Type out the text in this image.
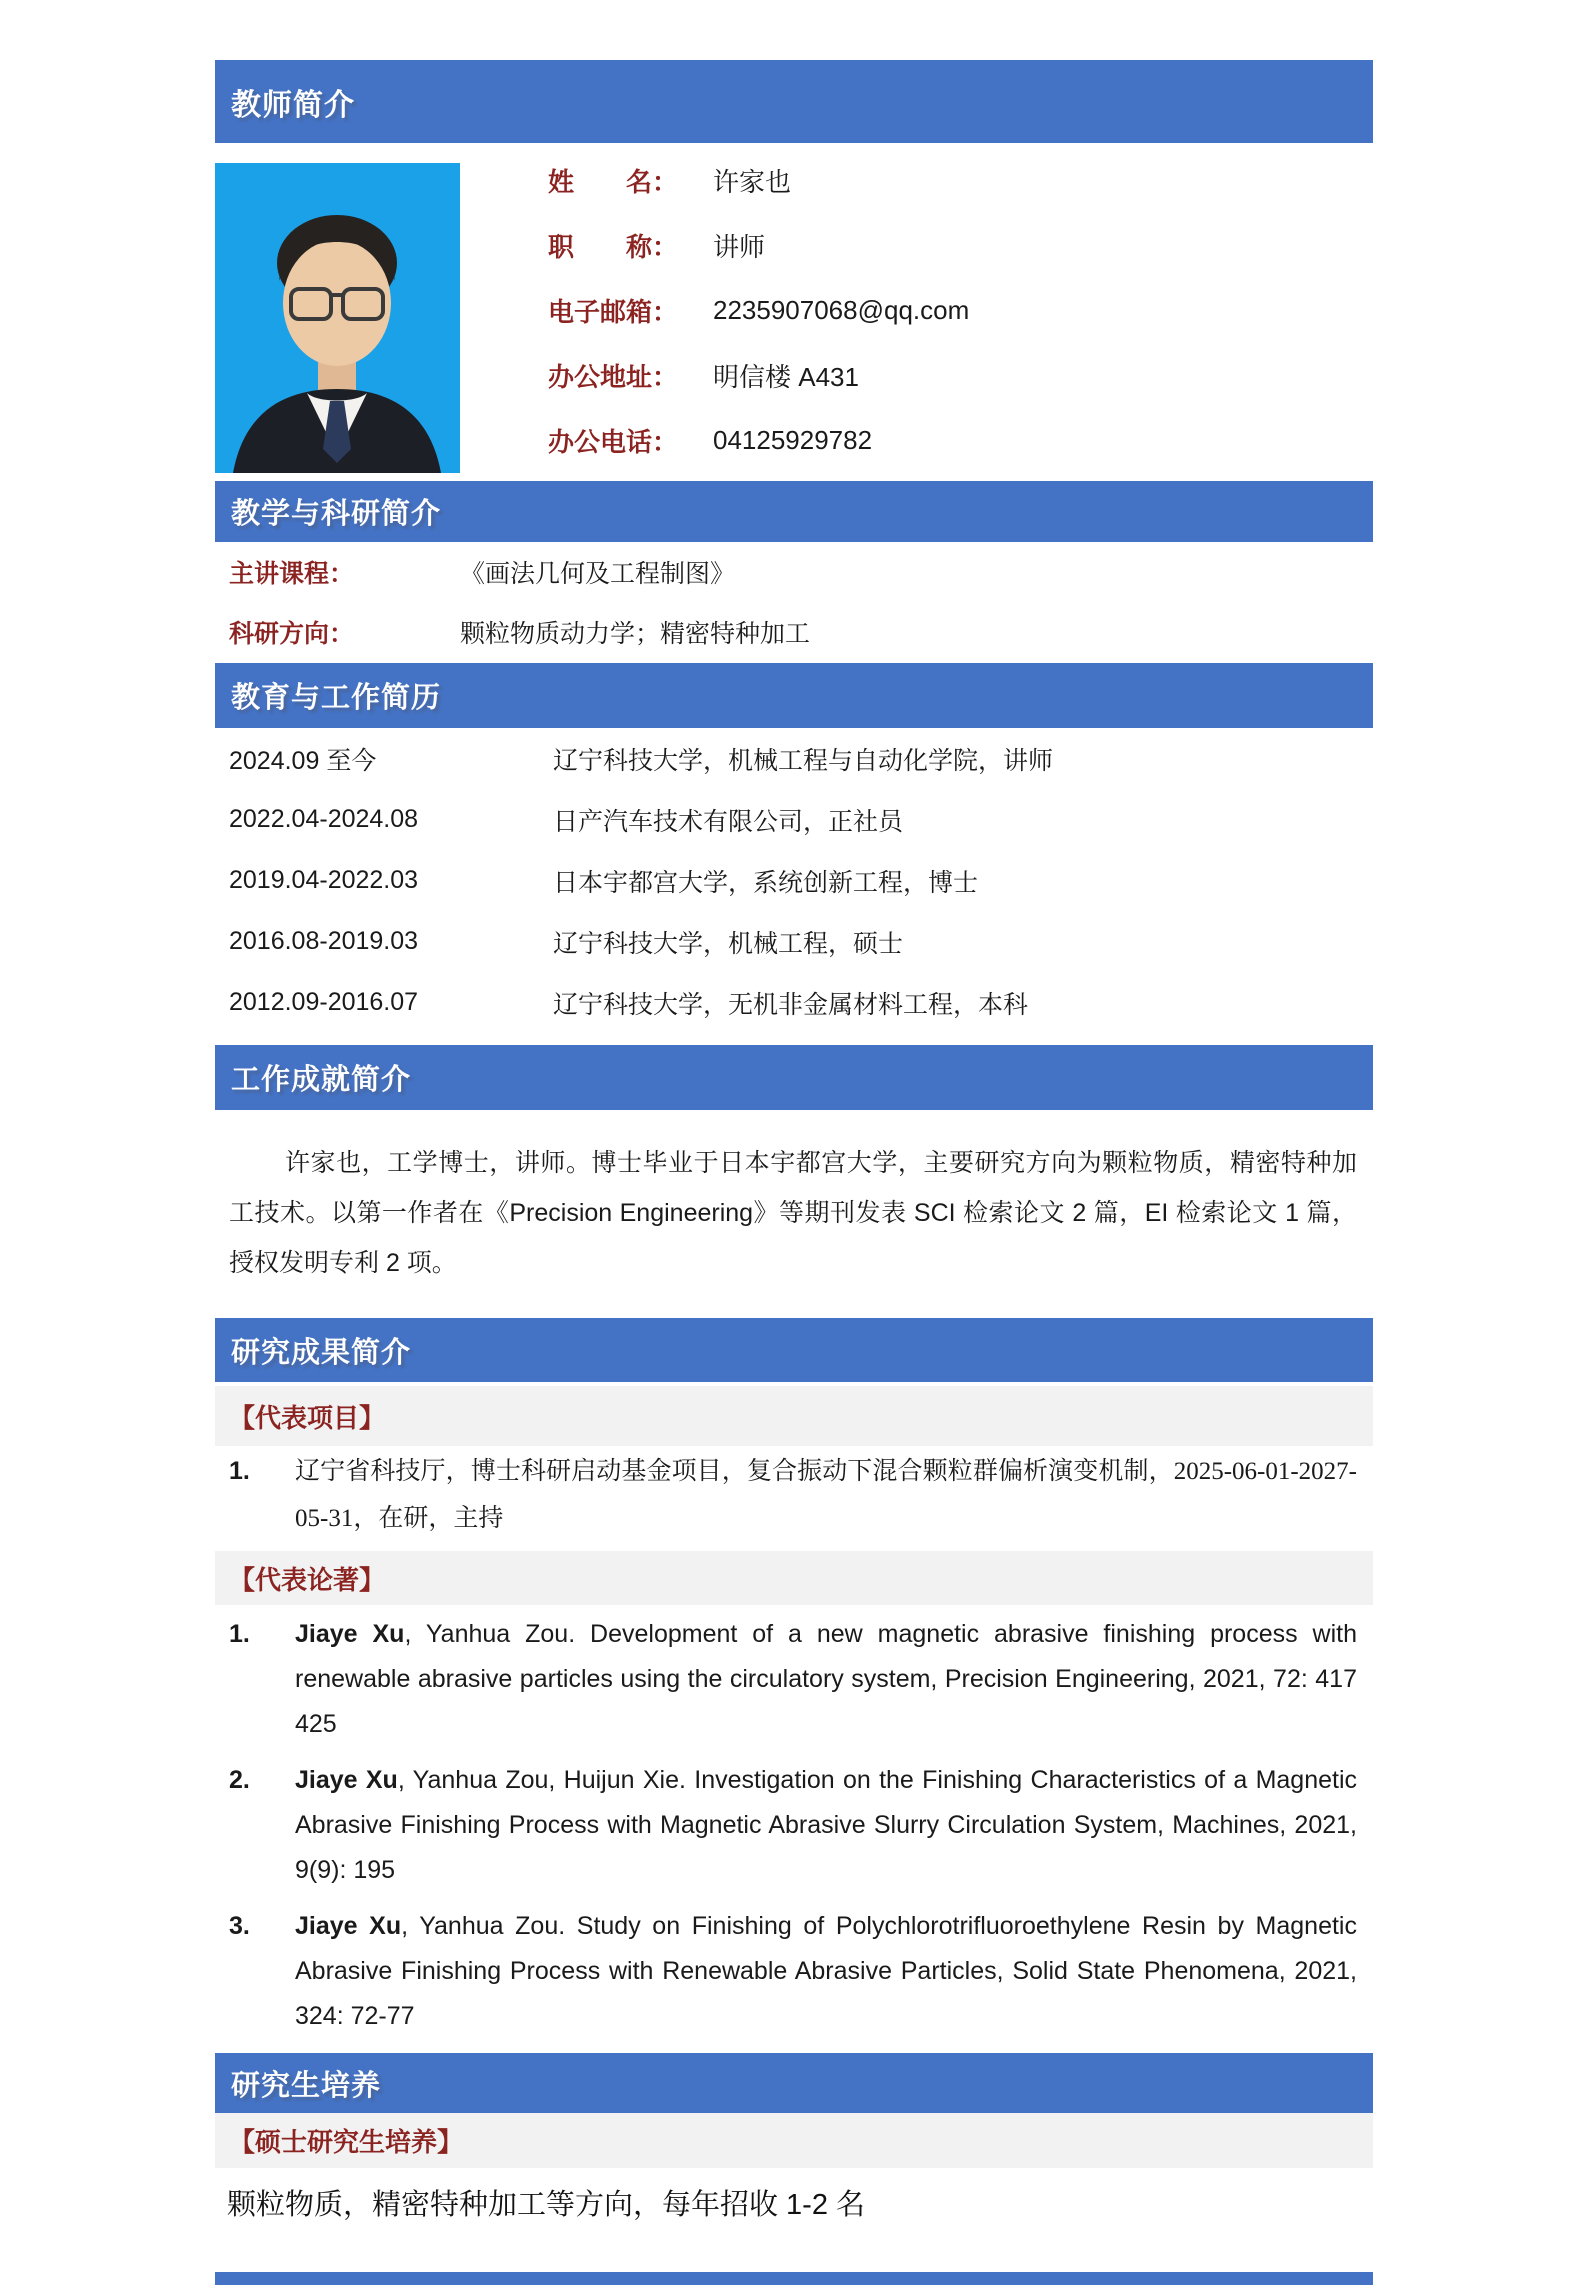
教师简介
姓　　名：	许家也
职　　称：	讲师
电子邮箱：	2235907068@qq.com
办公地址：	明信楼 A431
办公电话：	04125929782
教学与科研简介
主讲课程：	《画法几何及工程制图》
科研方向：	颗粒物质动力学；精密特种加工
教育与工作简历
2024.09 至今	辽宁科技大学，机械工程与自动化学院，讲师
2022.04-2024.08	日产汽车技术有限公司，正社员
2019.04-2022.03	日本宇都宫大学，系统创新工程，博士
2016.08-2019.03	辽宁科技大学，机械工程，硕士
2012.09-2016.07	辽宁科技大学，无机非金属材料工程，本科
工作成就简介
许家也，工学博士，讲师。博士毕业于日本宇都宫大学，主要研究方向为颗粒物质，精密特种加工技术。以第一作者在《Precision Engineering》等期刊发表 SCI 检索论文 2 篇，EI 检索论文 1 篇，授权发明专利 2 项。
研究成果简介
【代表项目】
1.	辽宁省科技厅，博士科研启动基金项目，复合振动下混合颗粒群偏析演变机制，2025-06-01-2027-05-31，在研，主持
【代表论著】
1.	Jiaye Xu, Yanhua Zou. Development of a new magnetic abrasive finishing process with renewable abrasive particles using the circulatory system, Precision Engineering, 2021, 72: 417 425
2.	Jiaye Xu, Yanhua Zou, Huijun Xie. Investigation on the Finishing Characteristics of a Magnetic Abrasive Finishing Process with Magnetic Abrasive Slurry Circulation System, Machines, 2021, 9(9): 195
3.	Jiaye Xu, Yanhua Zou. Study on Finishing of Polychlorotrifluoroethylene Resin by Magnetic Abrasive Finishing Process with Renewable Abrasive Particles, Solid State Phenomena, 2021, 324: 72-77
研究生培养
【硕士研究生培养】
颗粒物质，精密特种加工等方向，每年招收 1-2 名
